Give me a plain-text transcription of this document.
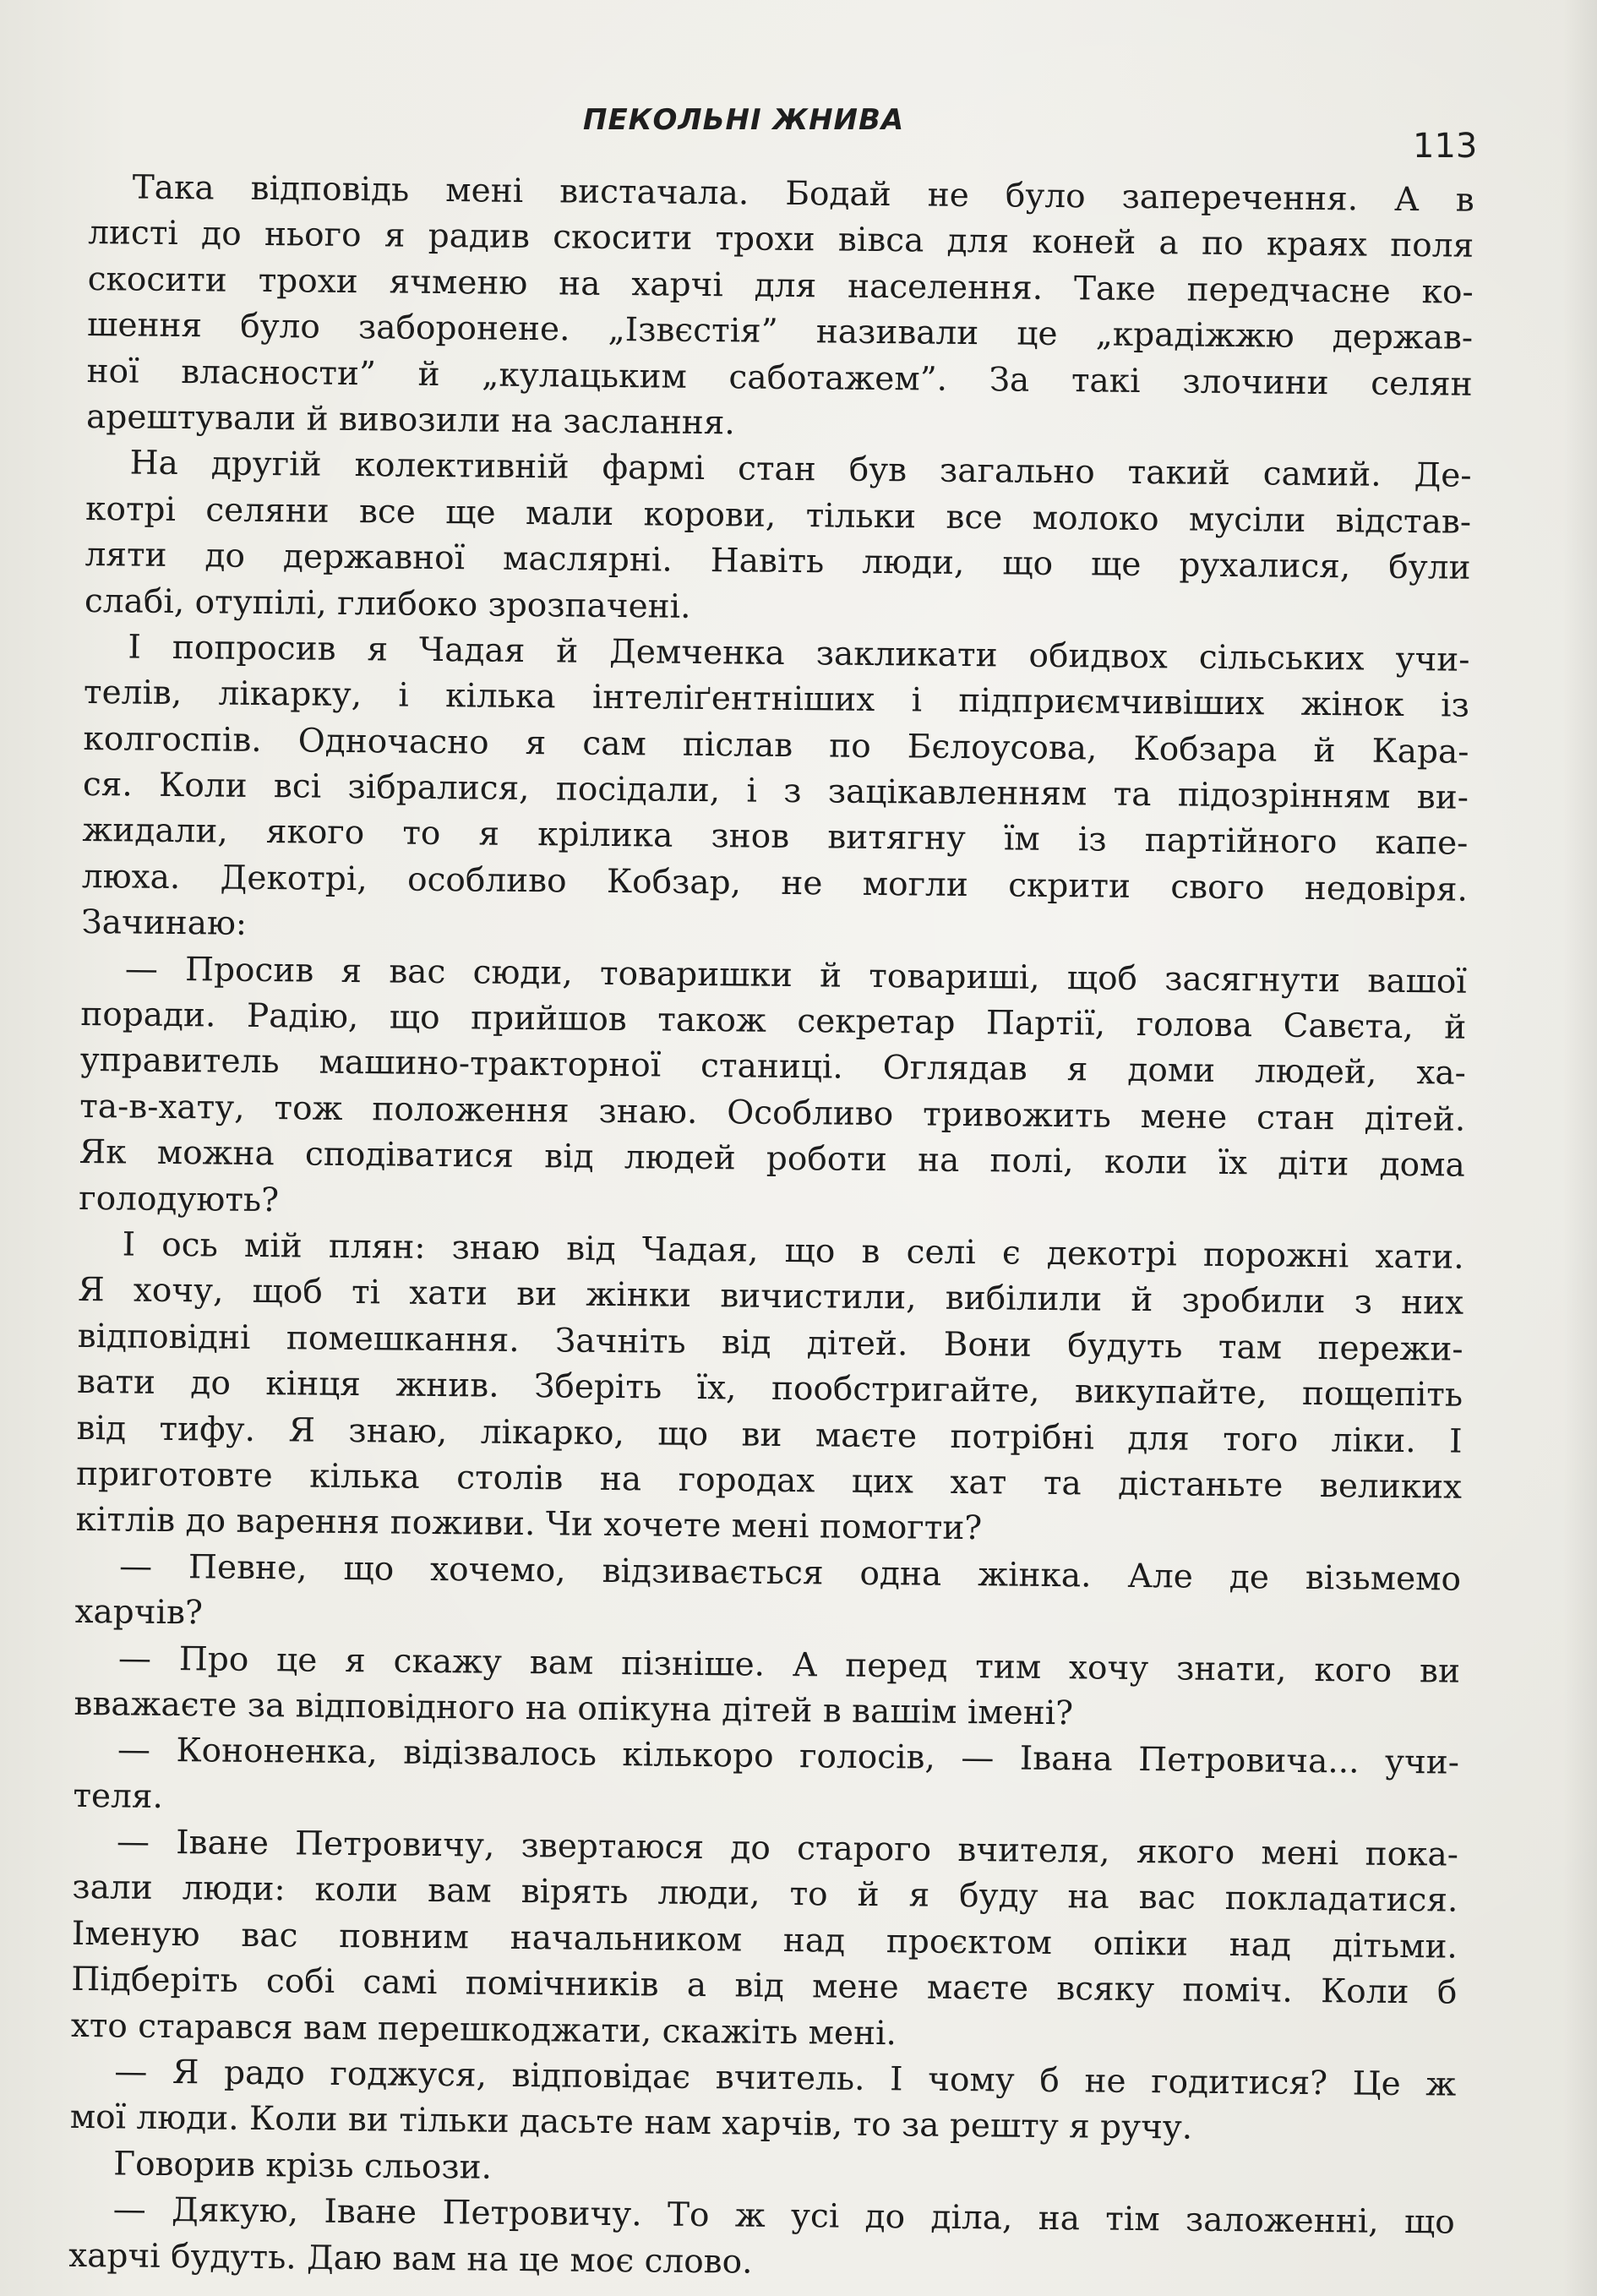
ПЕКОЛЬНІ ЖНИВА
113

Така відповідь мені вистачала. Бодай не було заперечення. А в
листі до нього я радив скосити трохи вівса для коней а по краях поля
скосити трохи ячменю на харчі для населення. Таке передчасне ко-
шення було заборонене. „Ізвєстія” називали це „крадіжжю держав-
ної власности” й „кулацьким саботажем”. За такі злочини селян
арештували й вивозили на заслання.

На другій колективній фармі стан був загально такий самий. Де-
котрі селяни все ще мали корови, тільки все молоко мусіли відстав-
ляти до державної маслярні. Навіть люди, що ще рухалися, були
слабі, отупілі, глибоко зрозпачені.

І попросив я Чадая й Демченка закликати обидвох сільських учи-
телів, лікарку, і кілька інтеліґентніших і підприємчивіших жінок із
колгоспів. Одночасно я сам післав по Бєлоусова, Кобзара й Кара-
ся. Коли всі зібралися, посідали, і з зацікавленням та підозрінням ви-
жидали, якого то я крілика знов витягну їм із партійного капе-
люха. Декотрі, особливо Кобзар, не могли скрити свого недовіря.
Зачинаю:

— Просив я вас сюди, товаришки й товариші, щоб засягнути вашої
поради. Радію, що прийшов також секретар Партії, голова Савєта, й
управитель машино-тракторної станиці. Оглядав я доми людей, ха-
та-в-хату, тож положення знаю. Особливо тривожить мене стан дітей.
Як можна сподіватися від людей роботи на полі, коли їх діти дома
голодують?

І ось мій плян: знаю від Чадая, що в селі є декотрі порожні хати.
Я хочу, щоб ті хати ви жінки вичистили, вибілили й зробили з них
відповідні помешкання. Зачніть від дітей. Вони будуть там пережи-
вати до кінця жнив. Зберіть їх, пообстригайте, викупайте, пощепіть
від тифу. Я знаю, лікарко, що ви маєте потрібні для того ліки. І
приготовте кілька столів на городах цих хат та дістаньте великих
кітлів до варення поживи. Чи хочете мені помогти?

— Певне, що хочемо, відзивається одна жінка. Але де візьмемо
харчів?

— Про це я скажу вам пізніше. А перед тим хочу знати, кого ви
вважаєте за відповідного на опікуна дітей в вашім імені?

— Кононенка, відізвалось кількоро голосів, — Івана Петровича... учи-
теля.

— Іване Петровичу, звертаюся до старого вчителя, якого мені пока-
зали люди: коли вам вірять люди, то й я буду на вас покладатися.
Іменую вас повним начальником над проєктом опіки над дітьми.
Підберіть собі самі помічників а від мене маєте всяку поміч. Коли б
хто старався вам перешкоджати, скажіть мені.

— Я радо годжуся, відповідає вчитель. І чому б не годитися? Це ж
мої люди. Коли ви тільки дасьте нам харчів, то за решту я ручу.
Говорив крізь сльози.

— Дякую, Іване Петровичу. То ж усі до діла, на тім заложенні, що
харчі будуть. Даю вам на це моє слово.
